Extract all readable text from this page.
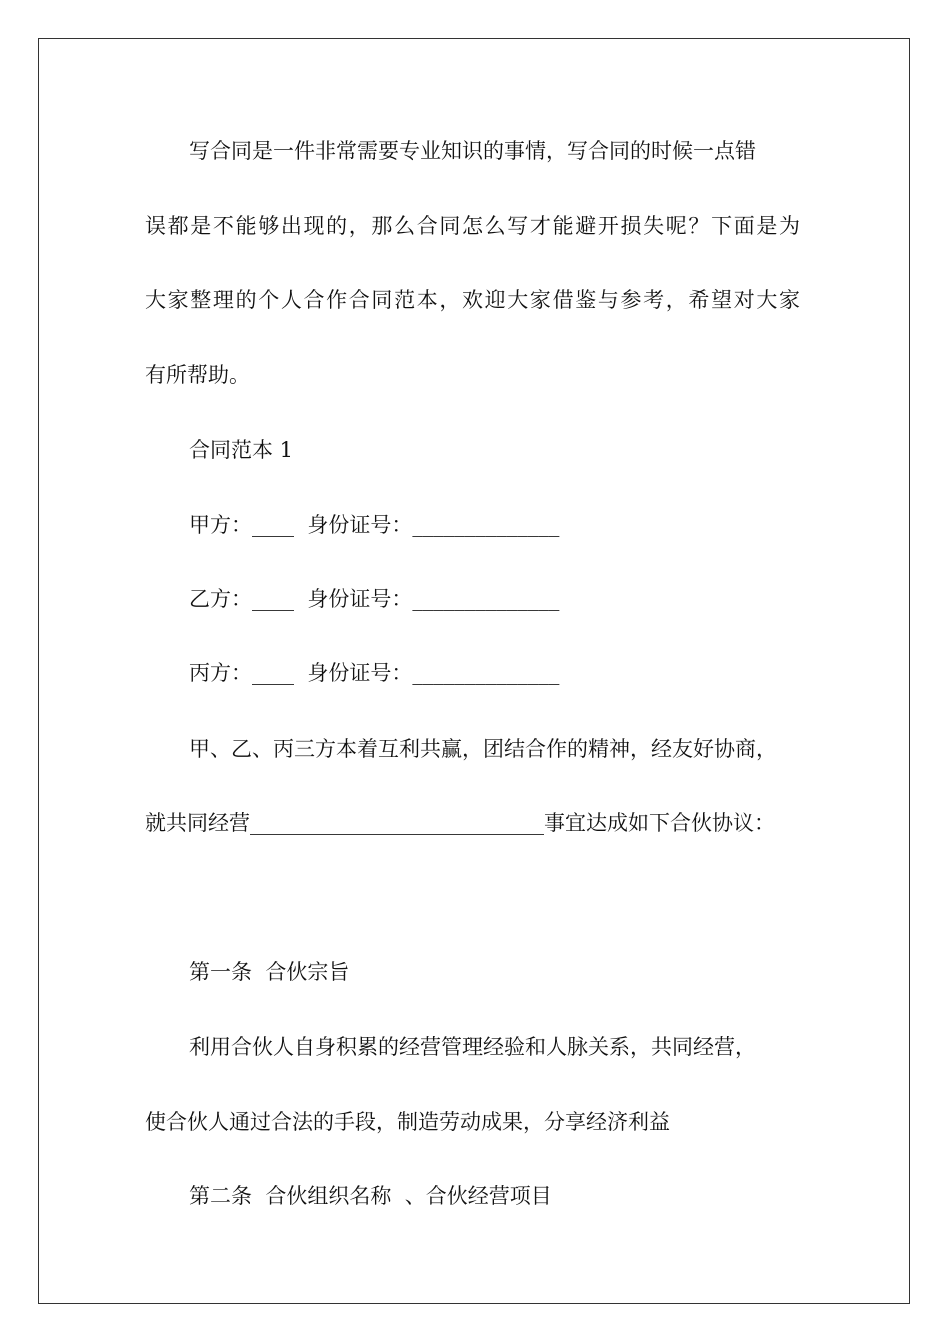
写合同是一件非常需要专业知识的事情，写合同的时候一点错
误都是不能够出现的，那么合同怎么写才能避开损失呢？下面是为
大家整理的个人合作合同范本，欢迎大家借鉴与参考，希望对大家
有所帮助。
合同范本 1
甲方：____  身份证号：______________
乙方：____  身份证号：______________
丙方：____  身份证号：______________
甲、乙、丙三方本着互利共赢，团结合作的精神，经友好协商，
就共同经营____________________________事宜达成如下合伙协议：
第一条  合伙宗旨
利用合伙人自身积累的经营管理经验和人脉关系，共同经营，
使合伙人通过合法的手段，制造劳动成果，分享经济利益
第二条  合伙组织名称  、合伙经营项目
